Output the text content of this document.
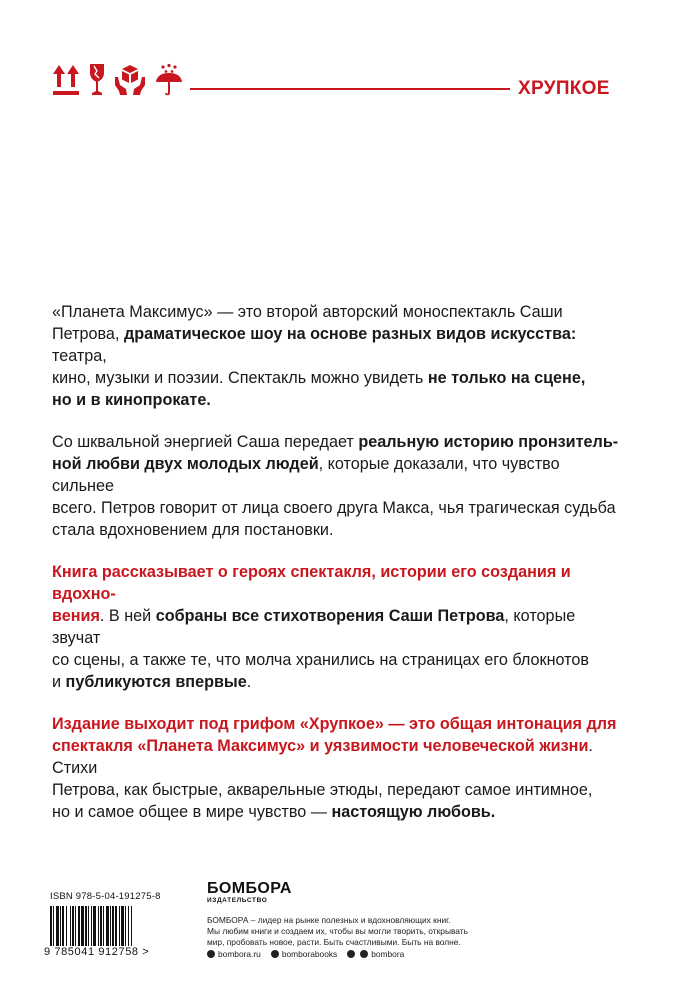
ХРУПКОЕ

«Планета Максимус» — это второй авторский моноспектакль Саши
Петрова, драматическое шоу на основе разных видов искусства: театра,
кино, музыки и поэзии. Спектакль можно увидеть не только на сцене,
но и в кинопрокате.

Со шквальной энергией Саша передает реальную историю пронзитель-
ной любви двух молодых людей, которые доказали, что чувство сильнее
всего. Петров говорит от лица своего друга Макса, чья трагическая судьба
стала вдохновением для постановки.

Книга рассказывает о героях спектакля, истории его создания и вдохно-
вения. В ней собраны все стихотворения Саши Петрова, которые звучат
со сцены, а также те, что молча хранились на страницах его блокнотов
и публикуются впервые.

Издание выходит под грифом «Хрупкое» — это общая интонация для
спектакля «Планета Максимус» и уязвимости человеческой жизни. Стихи
Петрова, как быстрые, акварельные этюды, передают самое интимное,
но и самое общее в мире чувство — настоящую любовь.

ISBN 978-5-04-191275-8
9 785041 912758 >
БОМБОРА
ИЗДАТЕЛЬСТВО
БОМБОРА – лидер на рынке полезных и вдохновляющих книг.
Мы любим книги и создаем их, чтобы вы могли творить, открывать
мир, пробовать новое, расти. Быть счастливыми. Быть на волне.
bombora.ru	bomborabooks	bombora
